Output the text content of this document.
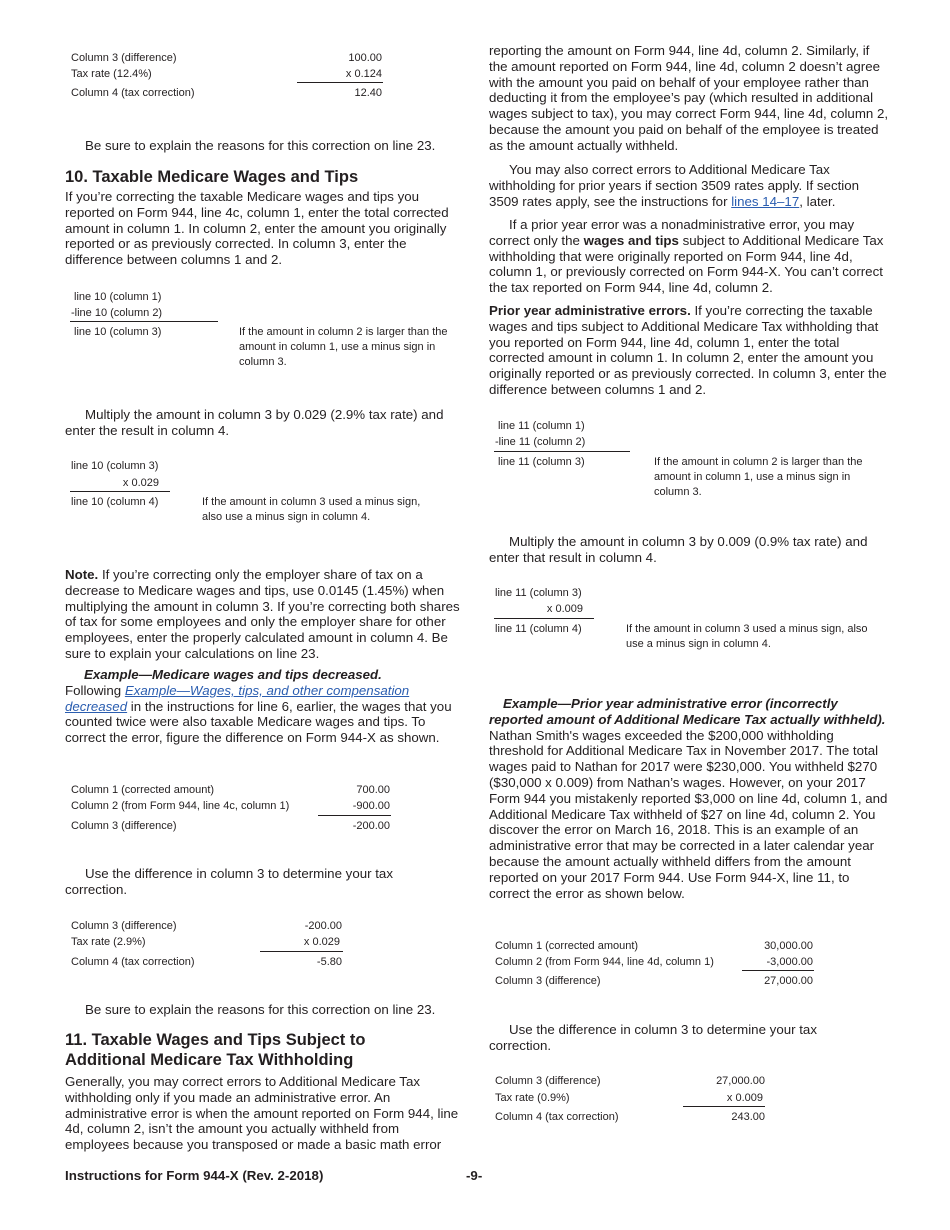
Column 3 (difference)	100.00
Tax rate (12.4%)	x 0.124
Column 4 (tax correction)	12.40

Be sure to explain the reasons for this correction on line 23.

10. Taxable Medicare Wages and Tips

If you’re correcting the taxable Medicare wages and tips you reported on Form 944, line 4c, column 1, enter the total corrected amount in column 1. In column 2, enter the amount you originally reported or as previously corrected. In column 3, enter the difference between columns 1 and 2.

line 10 (column 1)
-line 10 (column 2)
line 10 (column 3)	If the amount in column 2 is larger than the amount in column 1, use a minus sign in column 3.

Multiply the amount in column 3 by 0.029 (2.9% tax rate) and enter the result in column 4.

line 10 (column 3)
x 0.029
line 10 (column 4)	If the amount in column 3 used a minus sign, also use a minus sign in column 4.

Note. If you’re correcting only the employer share of tax on a decrease to Medicare wages and tips, use 0.0145 (1.45%) when multiplying the amount in column 3. If you’re correcting both shares of tax for some employees and only the employer share for other employees, enter the properly calculated amount in column 4. Be sure to explain your calculations on line 23.

Example—Medicare wages and tips decreased.
Following Example—Wages, tips, and other compensation decreased in the instructions for line 6, earlier, the wages that you counted twice were also taxable Medicare wages and tips. To correct the error, figure the difference on Form 944-X as shown.

Column 1 (corrected amount)	700.00
Column 2 (from Form 944, line 4c, column 1)	-900.00
Column 3 (difference)	-200.00

Use the difference in column 3 to determine your tax correction.

Column 3 (difference)	-200.00
Tax rate (2.9%)	x 0.029
Column 4 (tax correction)	-5.80

Be sure to explain the reasons for this correction on line 23.

11. Taxable Wages and Tips Subject to
Additional Medicare Tax Withholding

Generally, you may correct errors to Additional Medicare Tax withholding only if you made an administrative error. An administrative error is when the amount reported on Form 944, line 4d, column 2, isn’t the amount you actually withheld from employees because you transposed or made a basic math error

reporting the amount on Form 944, line 4d, column 2. Similarly, if the amount reported on Form 944, line 4d, column 2 doesn’t agree with the amount you paid on behalf of your employee rather than deducting it from the employee’s pay (which resulted in additional wages subject to tax), you may correct Form 944, line 4d, column 2, because the amount you paid on behalf of the employee is treated as the amount actually withheld.

You may also correct errors to Additional Medicare Tax withholding for prior years if section 3509 rates apply. If section 3509 rates apply, see the instructions for lines 14–17, later.

If a prior year error was a nonadministrative error, you may correct only the wages and tips subject to Additional Medicare Tax withholding that were originally reported on Form 944, line 4d, column 1, or previously corrected on Form 944-X. You can’t correct the tax reported on Form 944, line 4d, column 2.

Prior year administrative errors. If you’re correcting the taxable wages and tips subject to Additional Medicare Tax withholding that you reported on Form 944, line 4d, column 1, enter the total corrected amount in column 1. In column 2, enter the amount you originally reported or as previously corrected. In column 3, enter the difference between columns 1 and 2.

line 11 (column 1)
-line 11 (column 2)
line 11 (column 3)	If the amount in column 2 is larger than the amount in column 1, use a minus sign in column 3.

Multiply the amount in column 3 by 0.009 (0.9% tax rate) and enter that result in column 4.

line 11 (column 3)
x 0.009
line 11 (column 4)	If the amount in column 3 used a minus sign, also use a minus sign in column 4.

Example—Prior year administrative error (incorrectly reported amount of Additional Medicare Tax actually withheld). Nathan Smith's wages exceeded the $200,000 withholding threshold for Additional Medicare Tax in November 2017. The total wages paid to Nathan for 2017 were $230,000. You withheld $270 ($30,000 x 0.009) from Nathan’s wages. However, on your 2017 Form 944 you mistakenly reported $3,000 on line 4d, column 1, and Additional Medicare Tax withheld of $27 on line 4d, column 2. You discover the error on March 16, 2018. This is an example of an administrative error that may be corrected in a later calendar year because the amount actually withheld differs from the amount reported on your 2017 Form 944. Use Form 944-X, line 11, to correct the error as shown below.

Column 1 (corrected amount)	30,000.00
Column 2 (from Form 944, line 4d, column 1)	-3,000.00
Column 3 (difference)	27,000.00

Use the difference in column 3 to determine your tax correction.

Column 3 (difference)	27,000.00
Tax rate (0.9%)	x 0.009
Column 4 (tax correction)	243.00
Instructions for Form 944-X (Rev. 2-2018)	-9-
